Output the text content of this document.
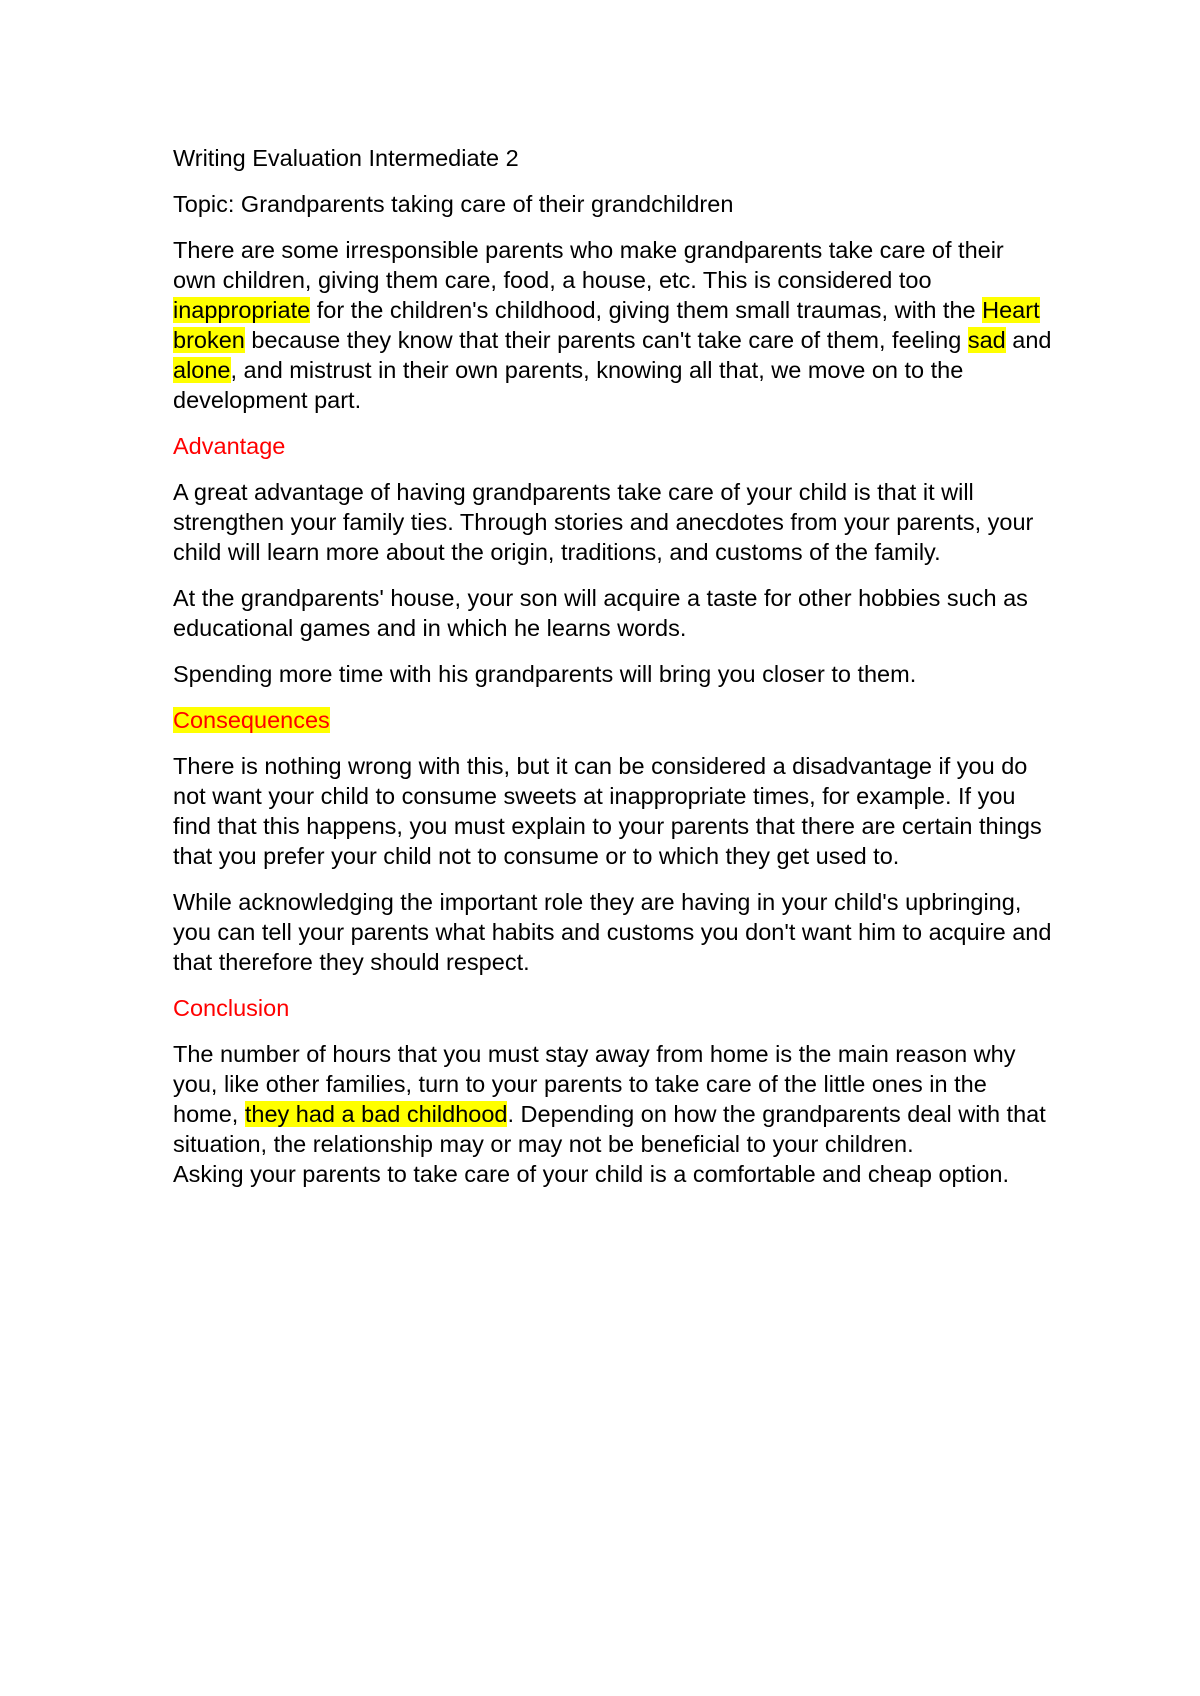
Writing Evaluation Intermediate 2

Topic: Grandparents taking care of their grandchildren

There are some irresponsible parents who make grandparents take care of their own children, giving them care, food, a house, etc. This is considered too inappropriate for the children's childhood, giving them small traumas, with the Heart broken because they know that their parents can't take care of them, feeling sad and alone, and mistrust in their own parents, knowing all that, we move on to the development part.

Advantage

A great advantage of having grandparents take care of your child is that it will strengthen your family ties. Through stories and anecdotes from your parents, your child will learn more about the origin, traditions, and customs of the family.

At the grandparents' house, your son will acquire a taste for other hobbies such as educational games and in which he learns words.

Spending more time with his grandparents will bring you closer to them.

Consequences

There is nothing wrong with this, but it can be considered a disadvantage if you do not want your child to consume sweets at inappropriate times, for example. If you find that this happens, you must explain to your parents that there are certain things that you prefer your child not to consume or to which they get used to.

While acknowledging the important role they are having in your child's upbringing, you can tell your parents what habits and customs you don't want him to acquire and that therefore they should respect.

Conclusion

The number of hours that you must stay away from home is the main reason why you, like other families, turn to your parents to take care of the little ones in the home, they had a bad childhood. Depending on how the grandparents deal with that situation, the relationship may or may not be beneficial to your children.

Asking your parents to take care of your child is a comfortable and cheap option.
